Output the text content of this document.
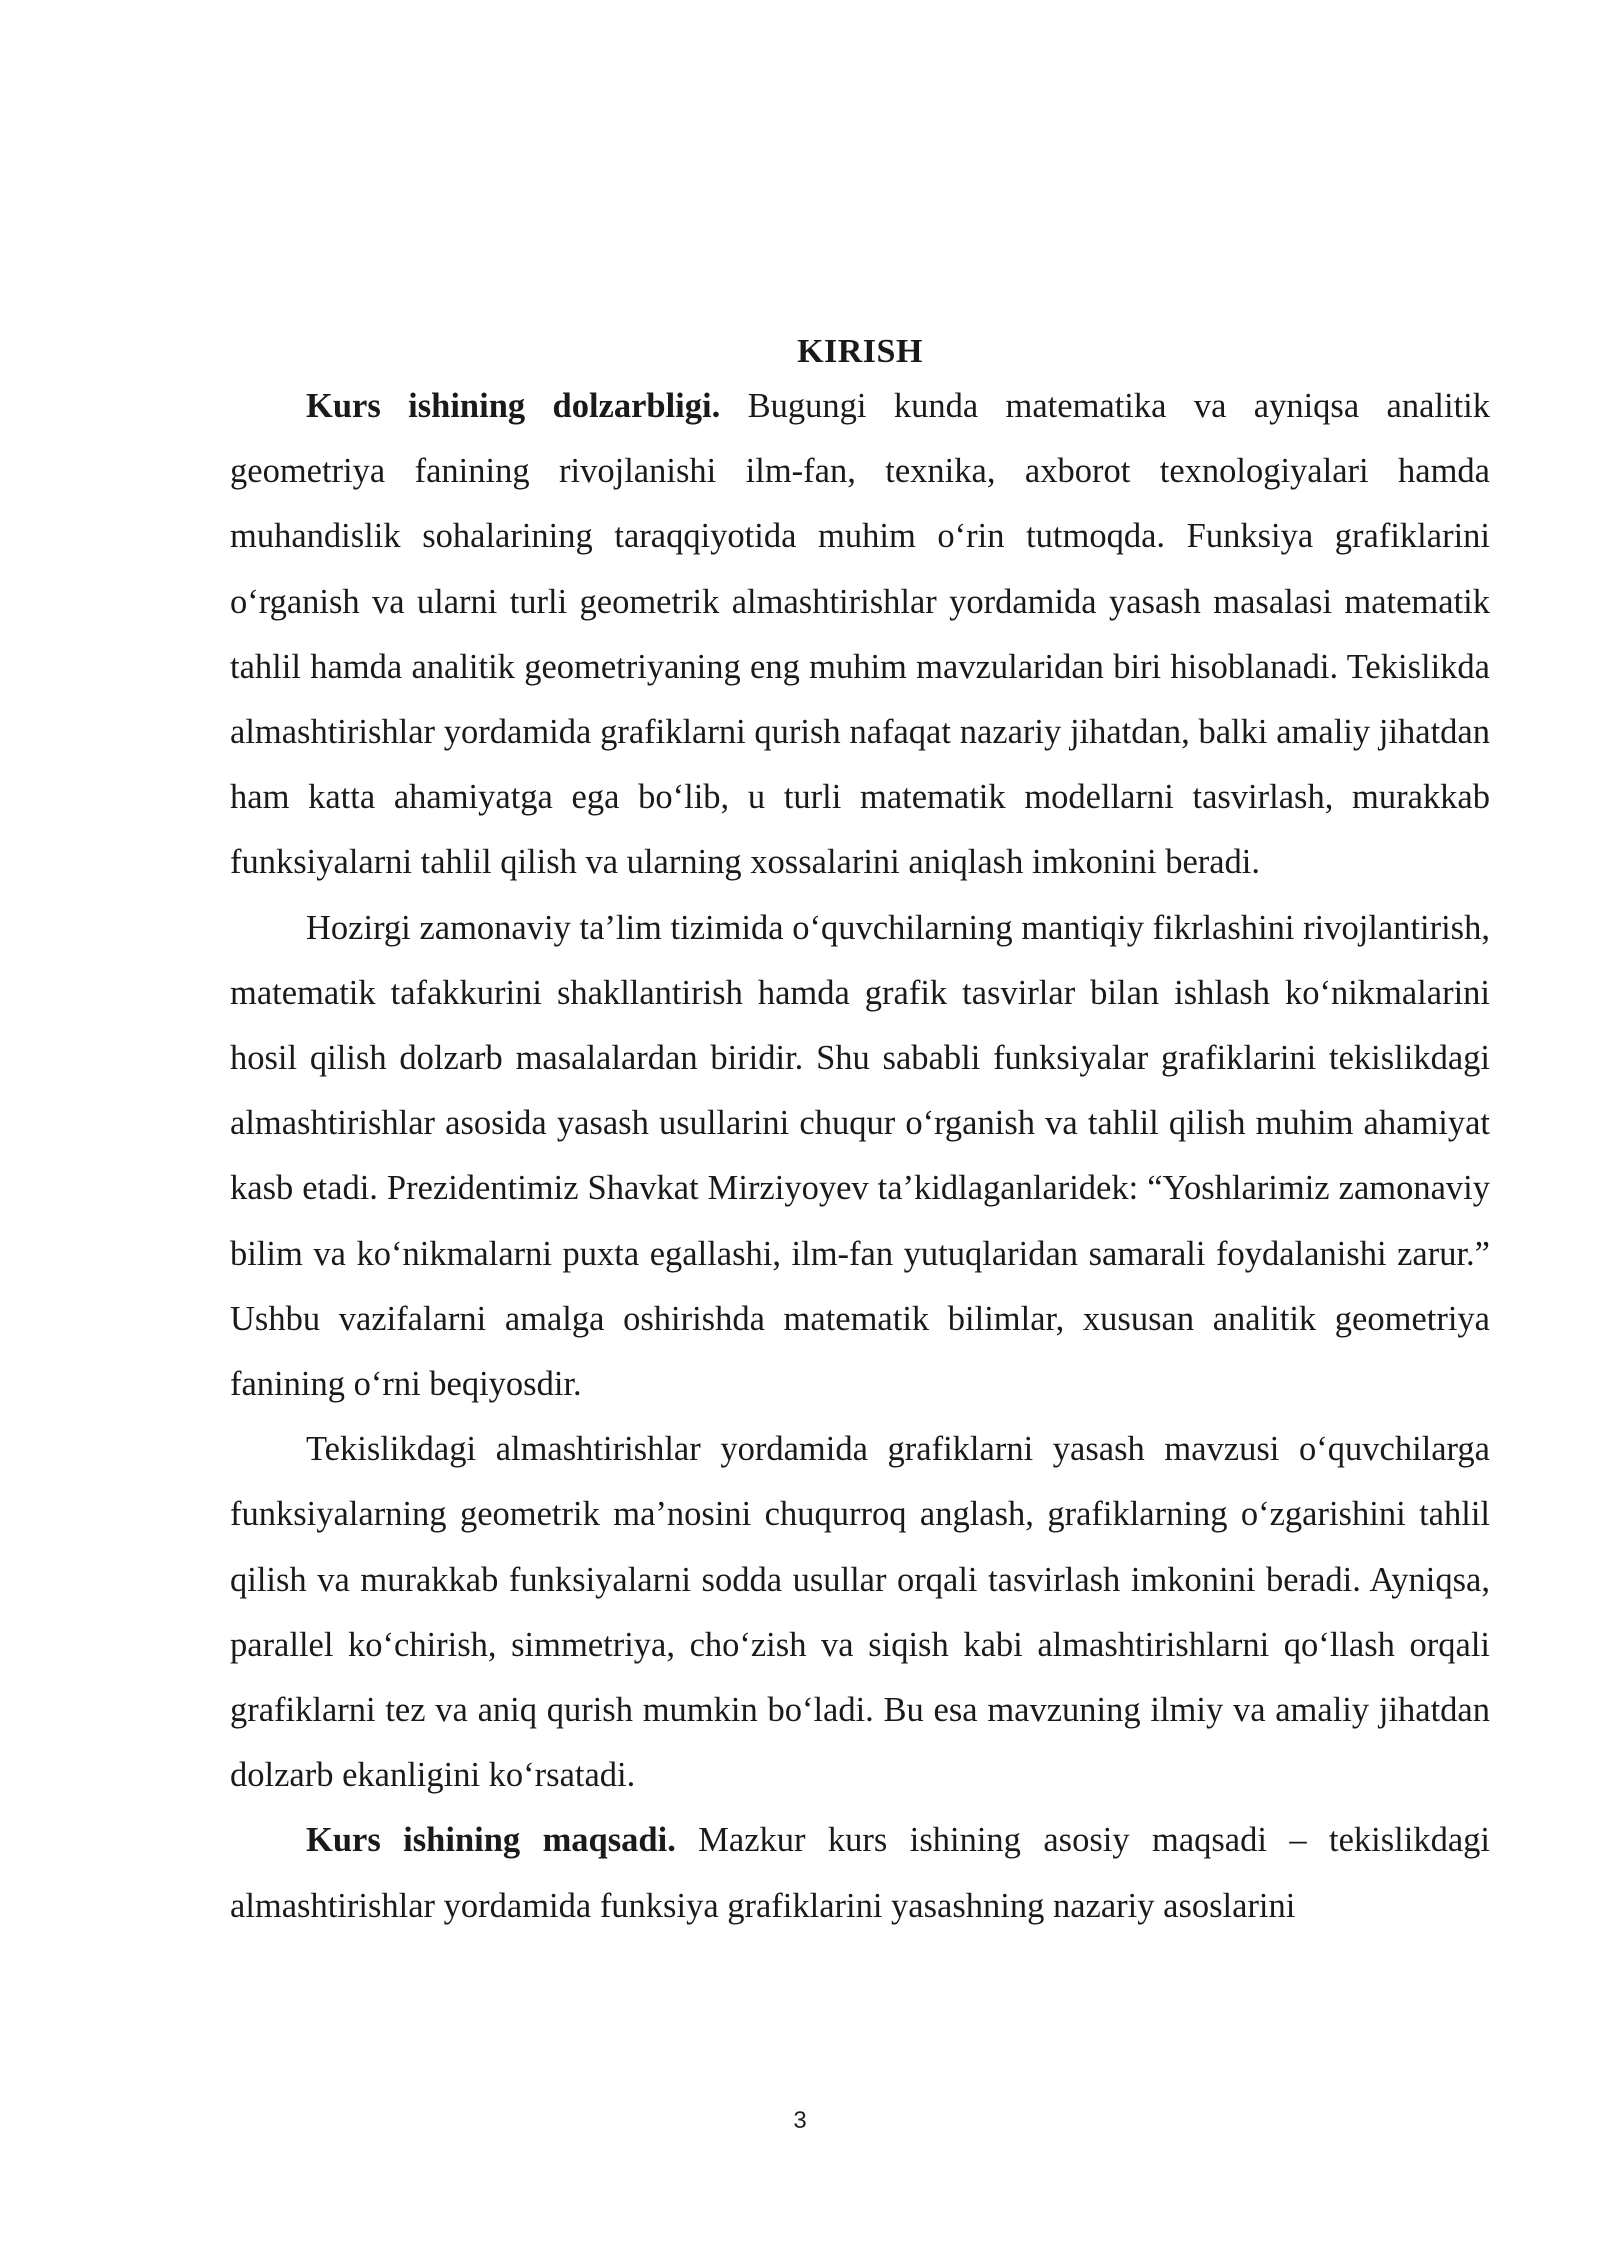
KIRISH

Kurs ishining dolzarbligi. Bugungi kunda matematika va ayniqsa analitik geometriya fanining rivojlanishi ilm-fan, texnika, axborot texnologiyalari hamda muhandislik sohalarining taraqqiyotida muhim o‘rin tutmoqda. Funksiya grafiklarini o‘rganish va ularni turli geometrik almashtirishlar yordamida yasash masalasi matematik tahlil hamda analitik geometriyaning eng muhim mavzularidan biri hisoblanadi. Tekislikda almashtirishlar yordamida grafiklarni qurish nafaqat nazariy jihatdan, balki amaliy jihatdan ham katta ahamiyatga ega bo‘lib, u turli matematik modellarni tasvirlash, murakkab funksiyalarni tahlil qilish va ularning xossalarini aniqlash imkonini beradi.

Hozirgi zamonaviy ta’lim tizimida o‘quvchilarning mantiqiy fikrlashini rivojlantirish, matematik tafakkurini shakllantirish hamda grafik tasvirlar bilan ishlash ko‘nikmalarini hosil qilish dolzarb masalalardan biridir. Shu sababli funksiyalar grafiklarini tekislikdagi almashtirishlar asosida yasash usullarini chuqur o‘rganish va tahlil qilish muhim ahamiyat kasb etadi. Prezidentimiz Shavkat Mirziyoyev ta’kidlaganlaridek: “Yoshlarimiz zamonaviy bilim va ko‘nikmalarni puxta egallashi, ilm-fan yutuqlaridan samarali foydalanishi zarur.” Ushbu vazifalarni amalga oshirishda matematik bilimlar, xususan analitik geometriya fanining o‘rni beqiyosdir.

Tekislikdagi almashtirishlar yordamida grafiklarni yasash mavzusi o‘quvchilarga funksiyalarning geometrik ma’nosini chuqurroq anglash, grafiklarning o‘zgarishini tahlil qilish va murakkab funksiyalarni sodda usullar orqali tasvirlash imkonini beradi. Ayniqsa, parallel ko‘chirish, simmetriya, cho‘zish va siqish kabi almashtirishlarni qo‘llash orqali grafiklarni tez va aniq qurish mumkin bo‘ladi. Bu esa mavzuning ilmiy va amaliy jihatdan dolzarb ekanligini ko‘rsatadi.

Kurs ishining maqsadi. Mazkur kurs ishining asosiy maqsadi – tekislikdagi almashtirishlar yordamida funksiya grafiklarini yasashning nazariy asoslarini

3
